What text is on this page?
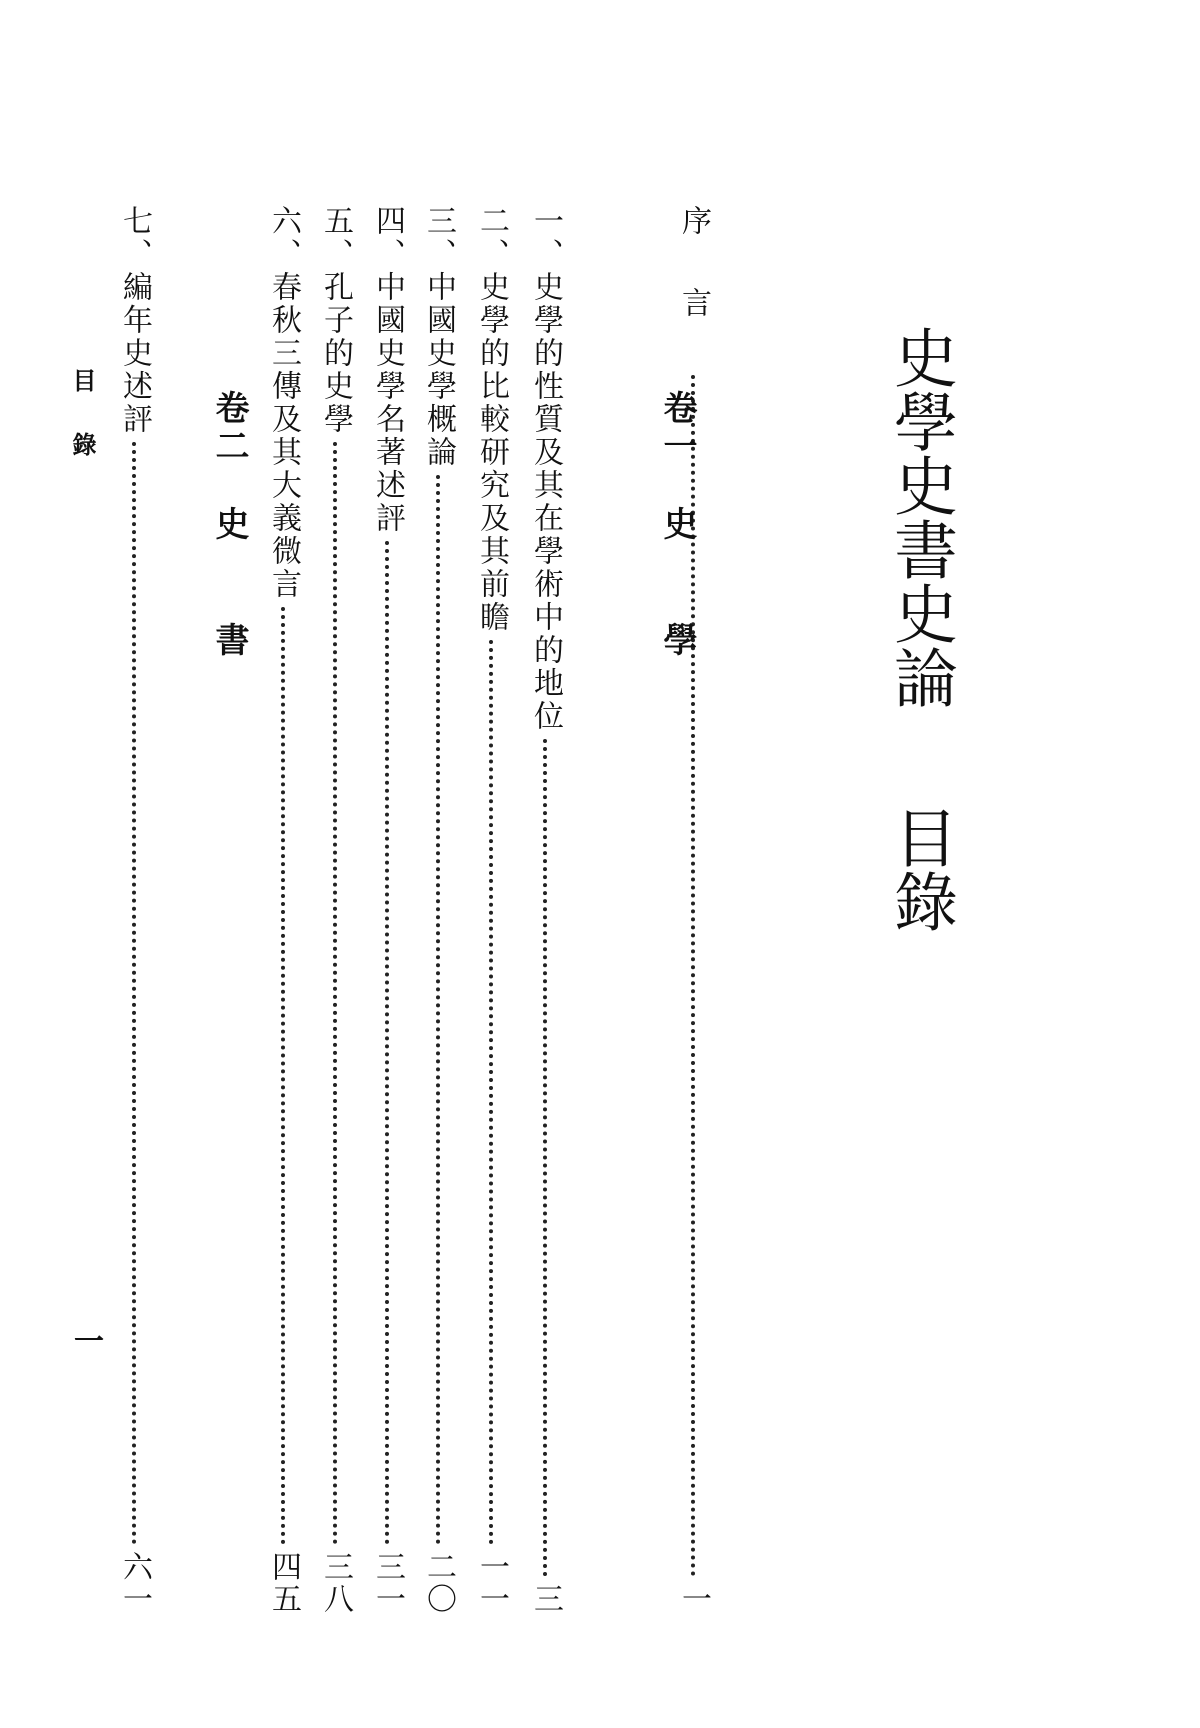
史學史書史論目錄
序言
一
卷一史學
一
、
史學的性質及其在學術中的地位
三
二
、
史學的比較研究及其前瞻
一一
三
、
中國史學概論
二〇
四
、
中國史學名著述評
三一
五
、
孔子的史學
三八
六
、
春秋三傳及其大義微言
四五
卷二史書
七
、
編年史述評
六一
目錄
一
